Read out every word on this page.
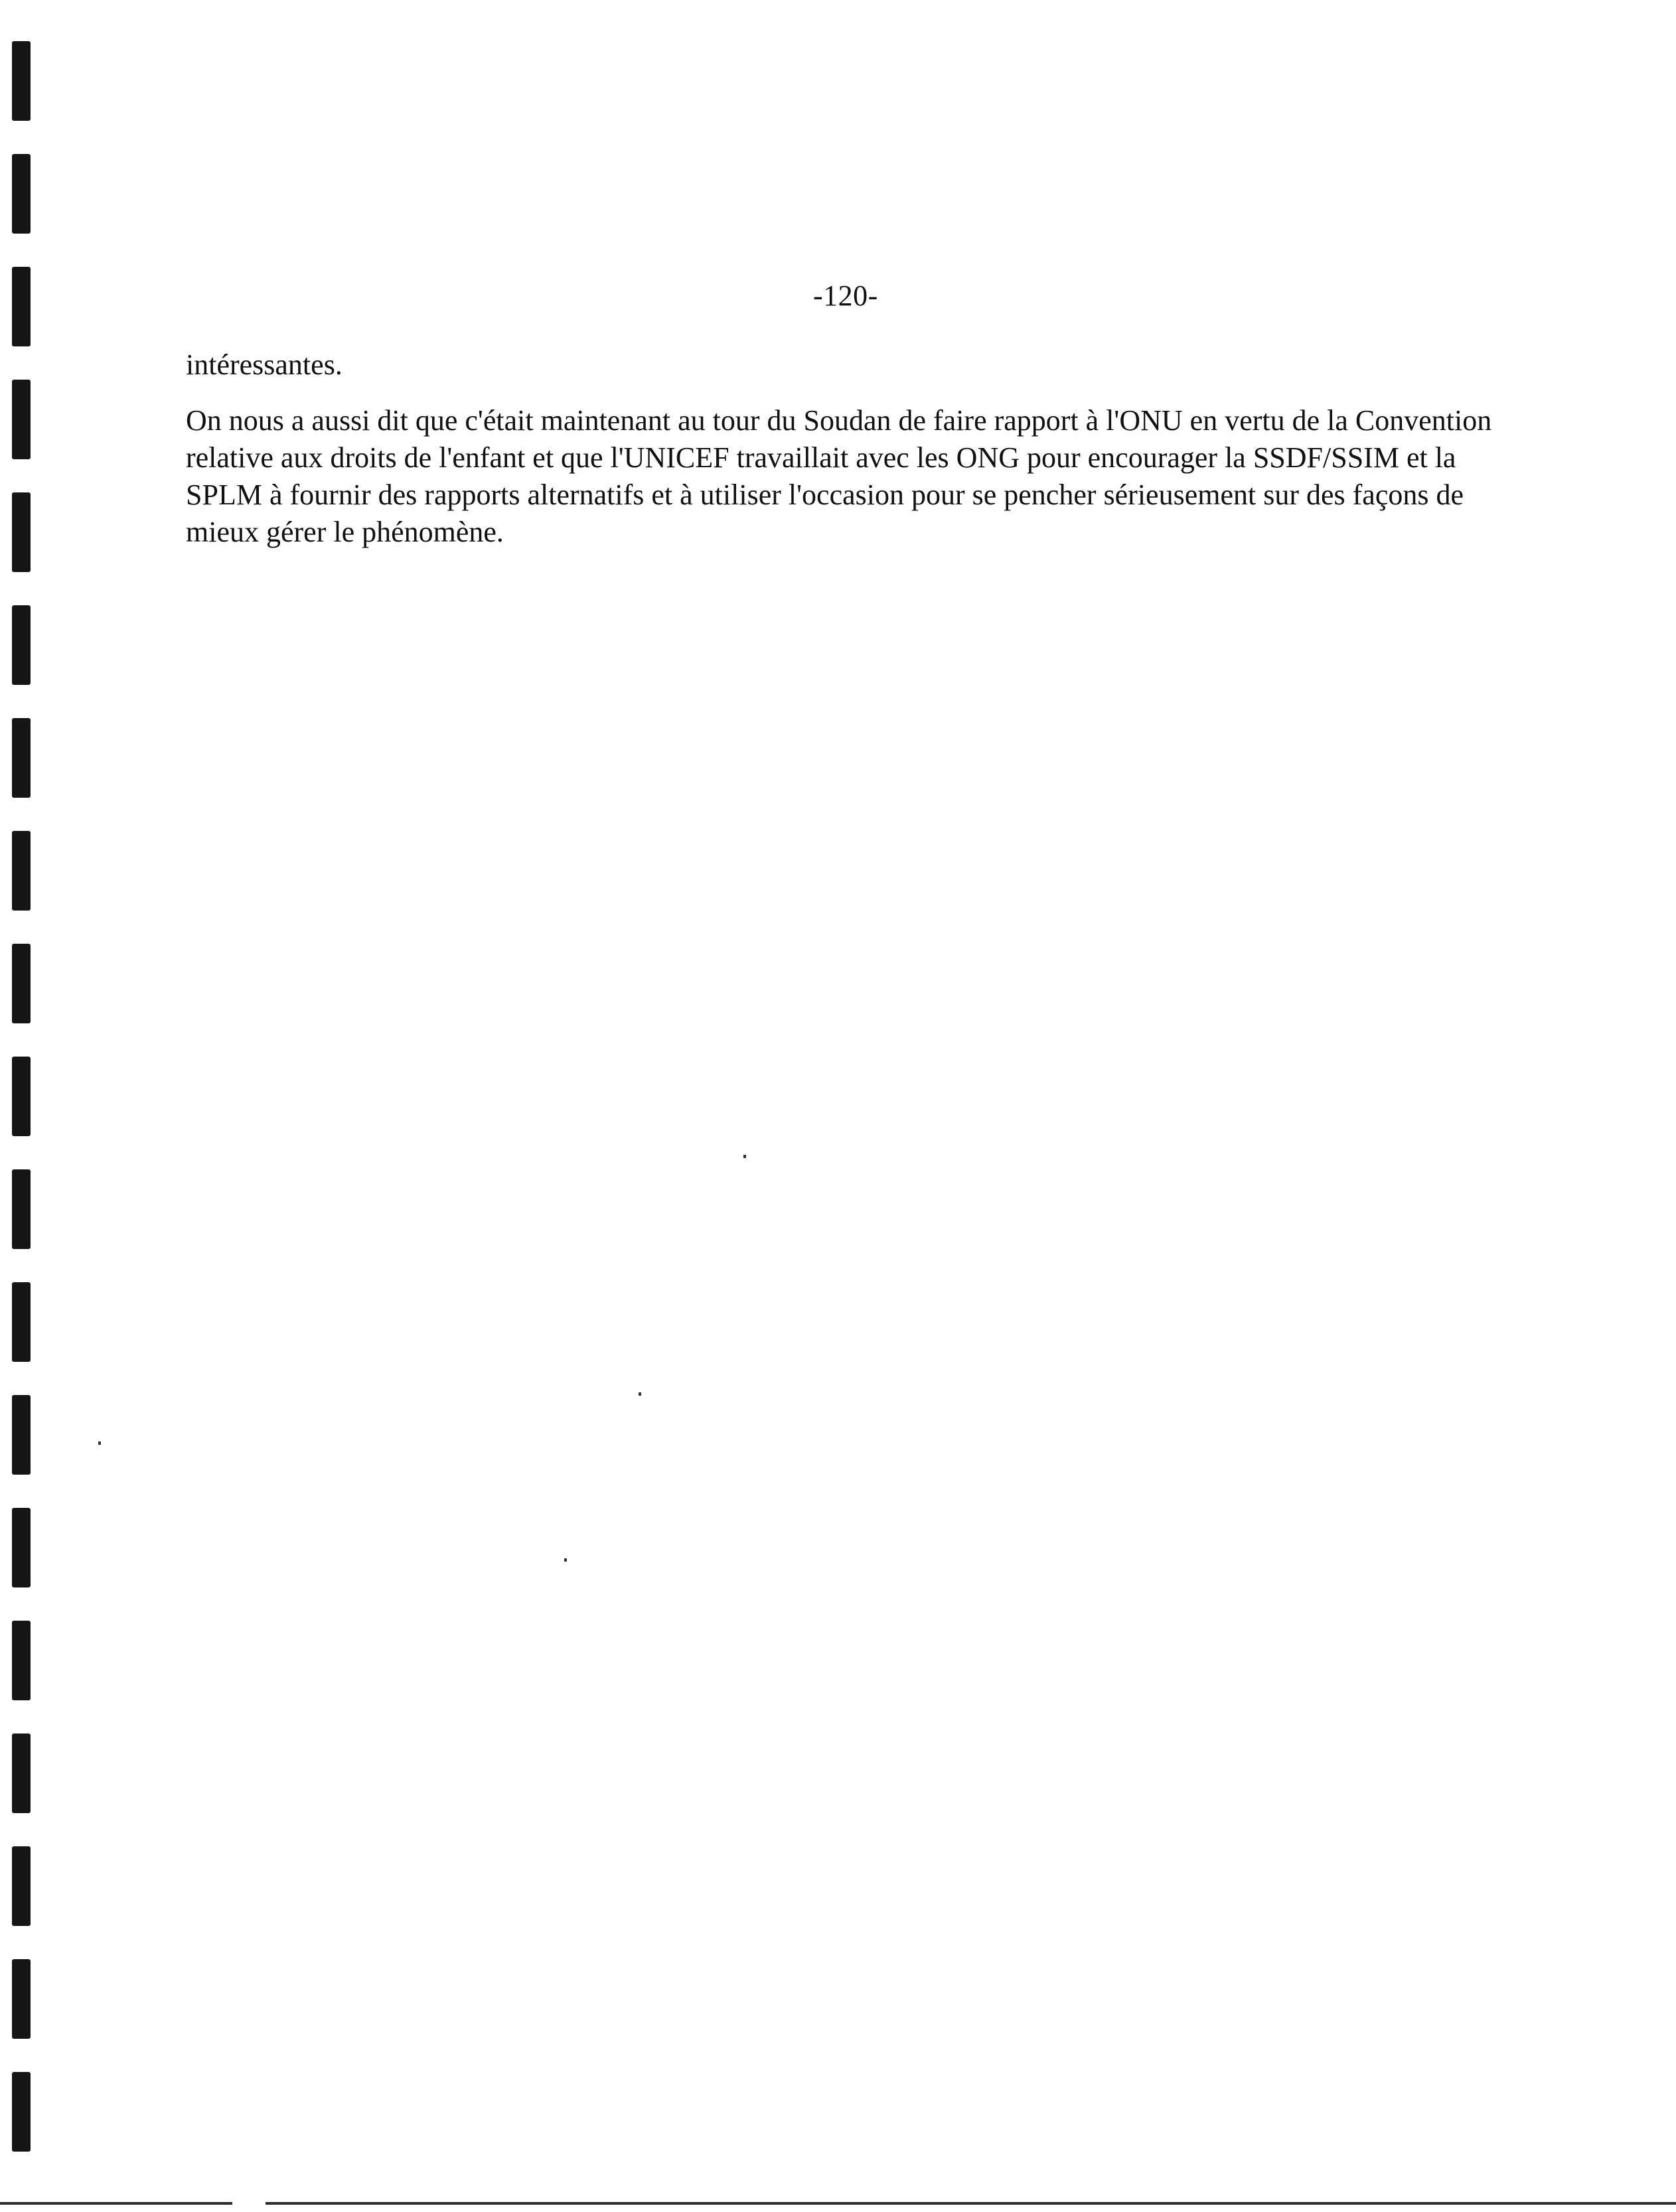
-120-
intéressantes.
On nous a aussi dit que c'était maintenant au tour du Soudan de faire rapport à l'ONU en vertu de la Convention relative aux droits de l'enfant et que l'UNICEF travaillait avec les ONG pour encourager la SSDF/SSIM et la SPLM à fournir des rapports alternatifs et à utiliser l'occasion pour se pencher sérieusement sur des façons de mieux gérer le phénomène.
